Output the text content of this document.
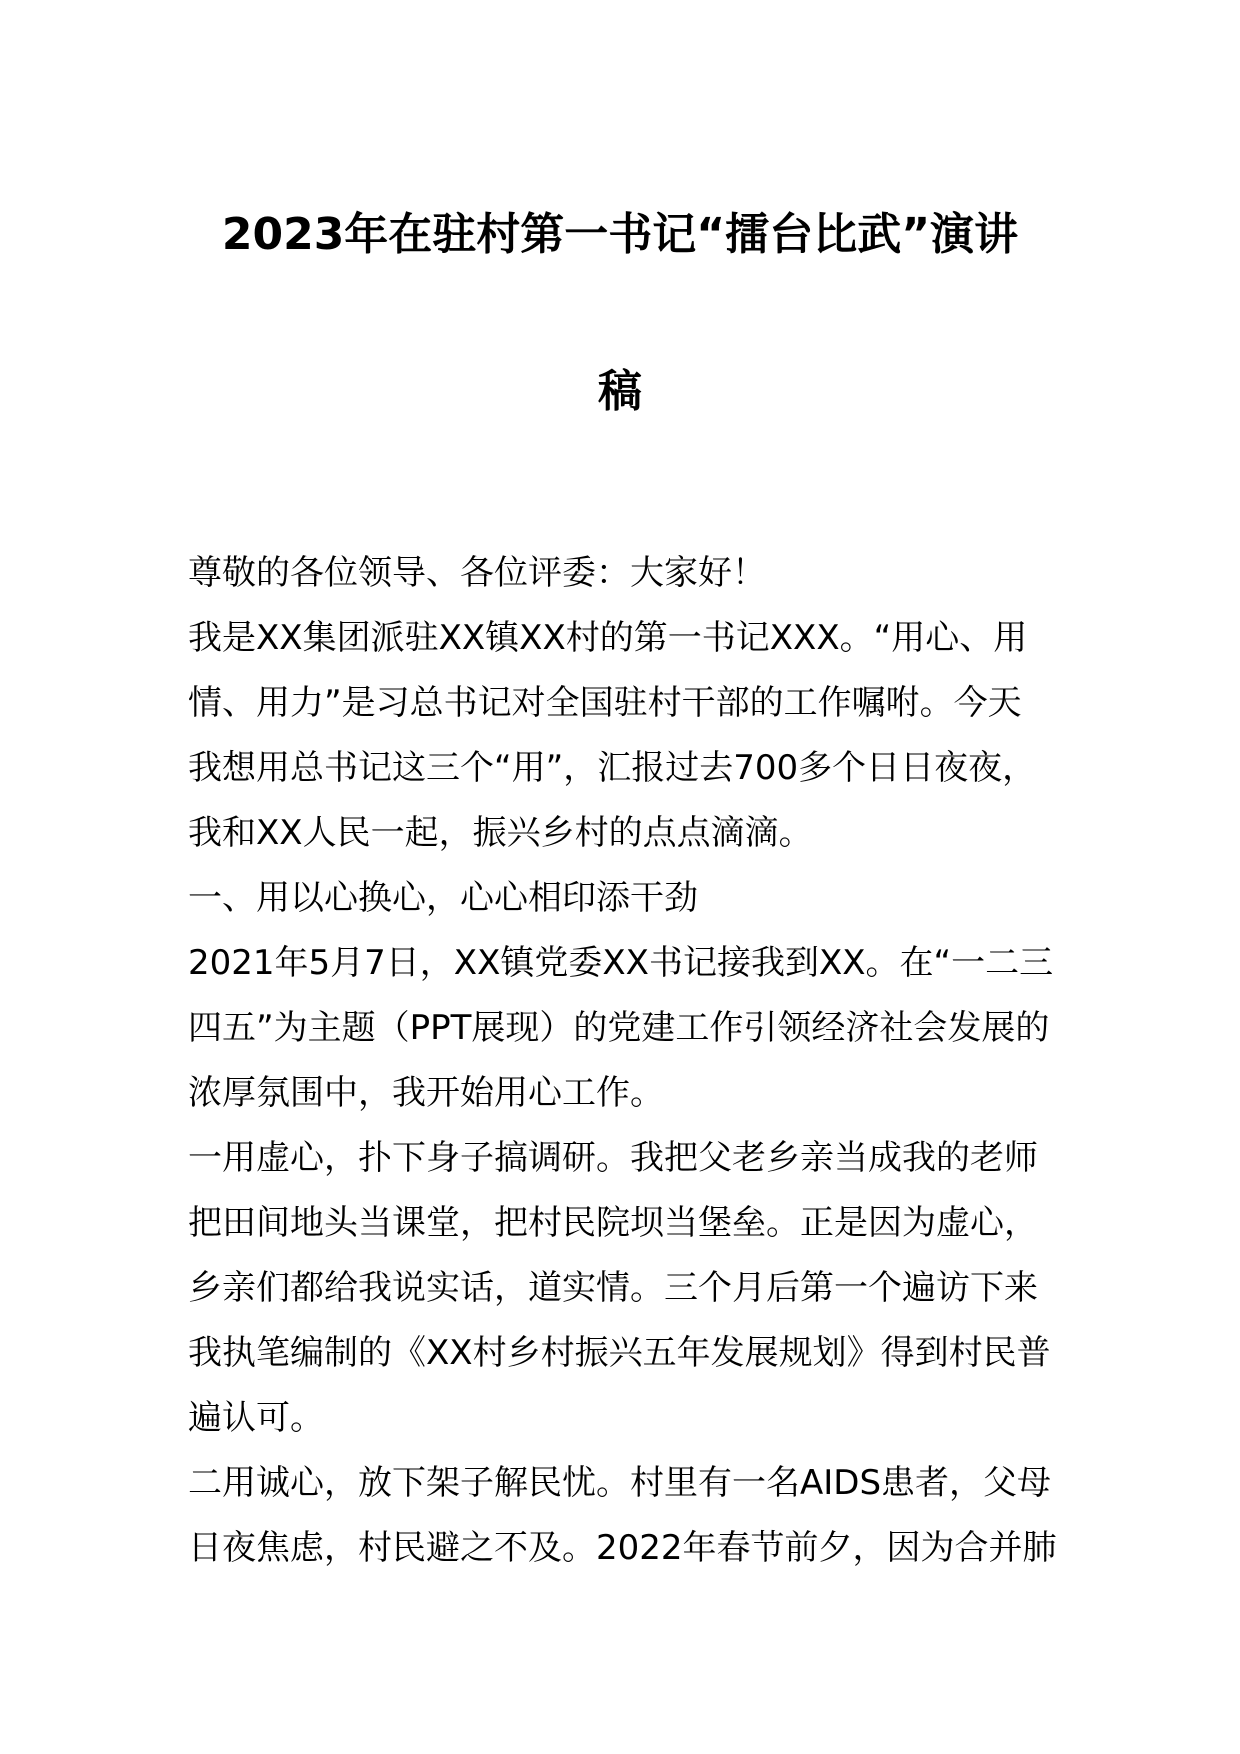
2023年在驻村第一书记“擂台比武”演讲
稿
尊敬的各位领导、各位评委：大家好！
我是XX集团派驻XX镇XX村的第一书记XXX。“用心、用
情、用力”是习总书记对全国驻村干部的工作嘱咐。今天
我想用总书记这三个“用”，汇报过去700多个日日夜夜，
我和XX人民一起，振兴乡村的点点滴滴。
一、用以心换心，心心相印添干劲
2021年5月7日，XX镇党委XX书记接我到XX。在“一二三
四五”为主题（PPT展现）的党建工作引领经济社会发展的
浓厚氛围中，我开始用心工作。
一用虚心，扑下身子搞调研。我把父老乡亲当成我的老师
把田间地头当课堂，把村民院坝当堡垒。正是因为虚心，
乡亲们都给我说实话，道实情。三个月后第一个遍访下来
我执笔编制的《XX村乡村振兴五年发展规划》得到村民普
遍认可。
二用诚心，放下架子解民忧。村里有一名AIDS患者，父母
日夜焦虑，村民避之不及。2022年春节前夕，因为合并肺
